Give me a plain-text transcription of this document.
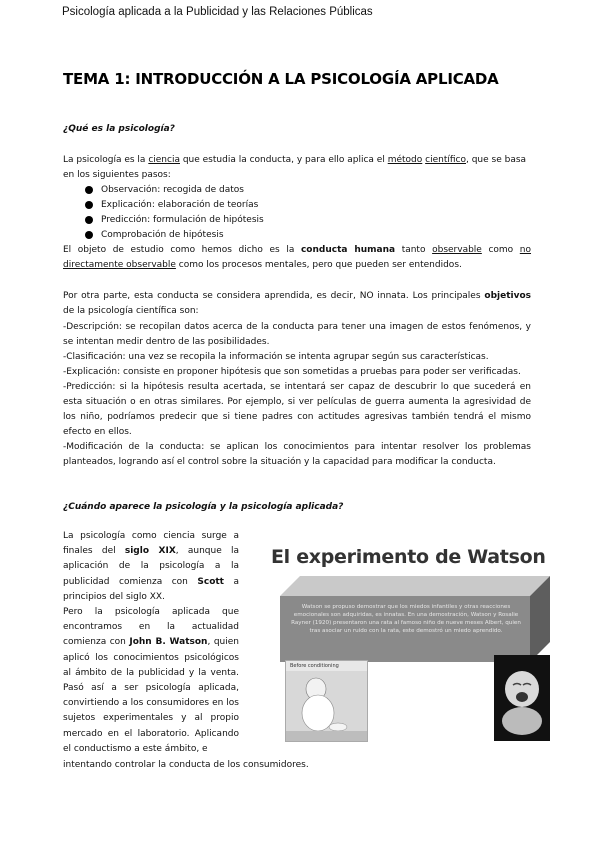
Psicología aplicada a la Publicidad y las Relaciones Públicas
TEMA 1: INTRODUCCIÓN A LA PSICOLOGÍA APLICADA
¿Qué es la psicología?
La psicología es la ciencia que estudia la conducta, y para ello aplica el método científico, que se basa en los siguientes pasos:
Observación: recogida de datos
Explicación: elaboración de teorías
Predicción: formulación de hipótesis
Comprobación de hipótesis
El objeto de estudio como hemos dicho es la conducta humana tanto observable como no directamente observable como los procesos mentales, pero que pueden ser entendidos.
Por otra parte, esta conducta se considera aprendida, es decir, NO innata. Los principales objetivos de la psicología científica son:
-Descripción: se recopilan datos acerca de la conducta para tener una imagen de estos fenómenos, y se intentan medir dentro de las posibilidades.
-Clasificación: una vez se recopila la información se intenta agrupar según sus características.
-Explicación: consiste en proponer hipótesis que son sometidas a pruebas para poder ser verificadas.
-Predicción: si la hipótesis resulta acertada, se intentará ser capaz de descubrir lo que sucederá en esta situación o en otras similares. Por ejemplo, si ver películas de guerra aumenta la agresividad de los niño, podríamos predecir que si tiene padres con actitudes agresivas también tendrá el mismo efecto en ellos.
-Modificación de la conducta: se aplican los conocimientos para intentar resolver los problemas planteados, logrando así el control sobre la situación y la capacidad para modificar la conducta.
¿Cuándo aparece la psicología y la psicología aplicada?
La psicología como ciencia surge a finales del siglo XIX, aunque la aplicación de la psicología a la publicidad comienza con Scott a principios del siglo XX.
Pero la psicología aplicada que encontramos en la actualidad comienza con John B. Watson, quien aplicó los conocimientos psicológicos al ámbito de la publicidad y la venta. Pasó así a ser psicología aplicada, convirtiendo a los consumidores en los sujetos experimentales y al propio mercado en el laboratorio. Aplicando el conductismo a este ámbito, e
intentando controlar la conducta de los consumidores.
El experimento de Watson
Watson se propuso demostrar que los miedos infantiles y otras reacciones emocionales son adquiridas, es innatas. En una demostración, Watson y Rosalie Rayner (1920) presentaron una rata al famoso niño de nueve meses Albert, quien tras asociar un ruido con la rata, este demostró un miedo aprendido.
Before conditioning
